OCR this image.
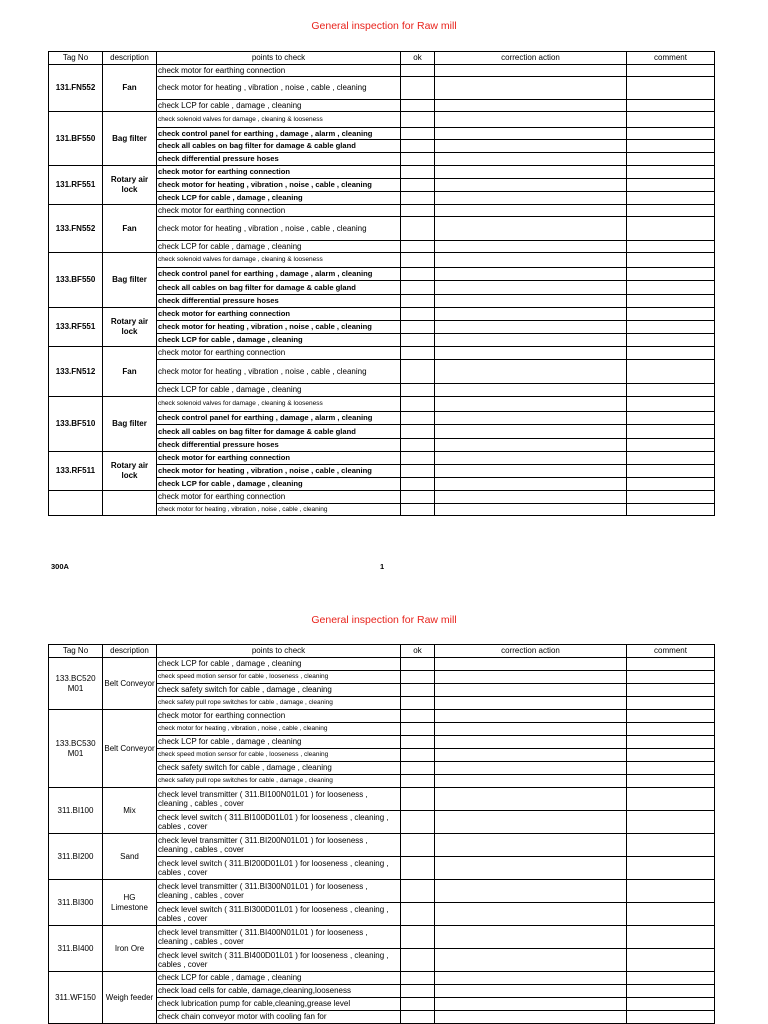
General inspection for Raw mill
Tag No	description	points to check	ok	correction action	comment
131.FN552	Fan	check motor for earthing connection			
		check motor for heating , vibration , noise , cable , cleaning			
		check LCP for cable , damage , cleaning			
131.BF550	Bag filter	check solenoid valves for damage , cleaning & looseness			
		check control panel for earthing , damage , alarm , cleaning			
		check all cables on bag filter for damage & cable gland			
		check differential pressure hoses			
131.RF551	Rotary air lock	check motor for earthing connection			
		check motor for heating , vibration , noise , cable , cleaning			
		check LCP for cable , damage , cleaning			
133.FN552	Fan	check motor for earthing connection			
		check motor for heating , vibration , noise , cable , cleaning			
		check LCP for cable , damage , cleaning			
133.BF550	Bag filter	check solenoid valves for damage , cleaning & looseness			
		check control panel for earthing , damage , alarm , cleaning			
		check all cables on bag filter for damage & cable gland			
		check differential pressure hoses			
133.RF551	Rotary air lock	check motor for earthing connection			
		check motor for heating , vibration , noise , cable , cleaning			
		check LCP for cable , damage , cleaning			
133.FN512	Fan	check motor for earthing connection			
		check motor for heating , vibration , noise , cable , cleaning			
		check LCP for cable , damage , cleaning			
133.BF510	Bag filter	check solenoid valves for damage , cleaning & looseness			
		check control panel for earthing , damage , alarm , cleaning			
		check all cables on bag filter for damage & cable gland			
		check differential pressure hoses			
133.RF511	Rotary air lock	check motor for earthing connection			
		check motor for heating , vibration , noise , cable , cleaning			
		check LCP for cable , damage , cleaning			
		check motor for earthing connection			
		check motor for heating , vibration , noise , cable , cleaning			
300A	1
General inspection for Raw mill
Tag No	description	points to check	ok	correction action	comment
133.BC520 M01	Belt Conveyor	check LCP for cable , damage , cleaning			
		check speed motion sensor for cable , looseness , cleaning			
		check safety switch for cable , damage , cleaning			
		check safety pull rope switches for cable , damage , cleaning			
133.BC530 M01	Belt Conveyor	check motor for earthing connection			
		check motor for heating , vibration , noise , cable , cleaning			
		check LCP for cable , damage , cleaning			
		check speed motion sensor for cable , looseness , cleaning			
		check safety switch for cable , damage , cleaning			
		check safety pull rope switches for cable , damage , cleaning			
311.BI100	Mix	check level transmitter ( 311.BI100N01L01 ) for looseness , cleaning , cables , cover			
		check level switch ( 311.BI100D01L01 ) for looseness , cleaning , cables , cover			
311.BI200	Sand	check level transmitter ( 311.BI200N01L01 ) for looseness , cleaning , cables , cover			
		check level switch ( 311.BI200D01L01 ) for looseness , cleaning , cables , cover			
311.BI300	HG Limestone	check level transmitter ( 311.BI300N01L01 ) for looseness , cleaning , cables , cover			
		check level switch ( 311.BI300D01L01 ) for looseness , cleaning , cables , cover			
311.BI400	Iron Ore	check level transmitter ( 311.BI400N01L01 ) for looseness , cleaning , cables , cover			
		check level switch ( 311.BI400D01L01 ) for looseness , cleaning , cables , cover			
311.WF150	Weigh feeder	check LCP for cable , damage , cleaning			
		check load cells for cable, damage,cleaning,looseness			
		check lubrication pump for cable,cleaning,grease level			
		check chain conveyor motor with cooling fan for			
